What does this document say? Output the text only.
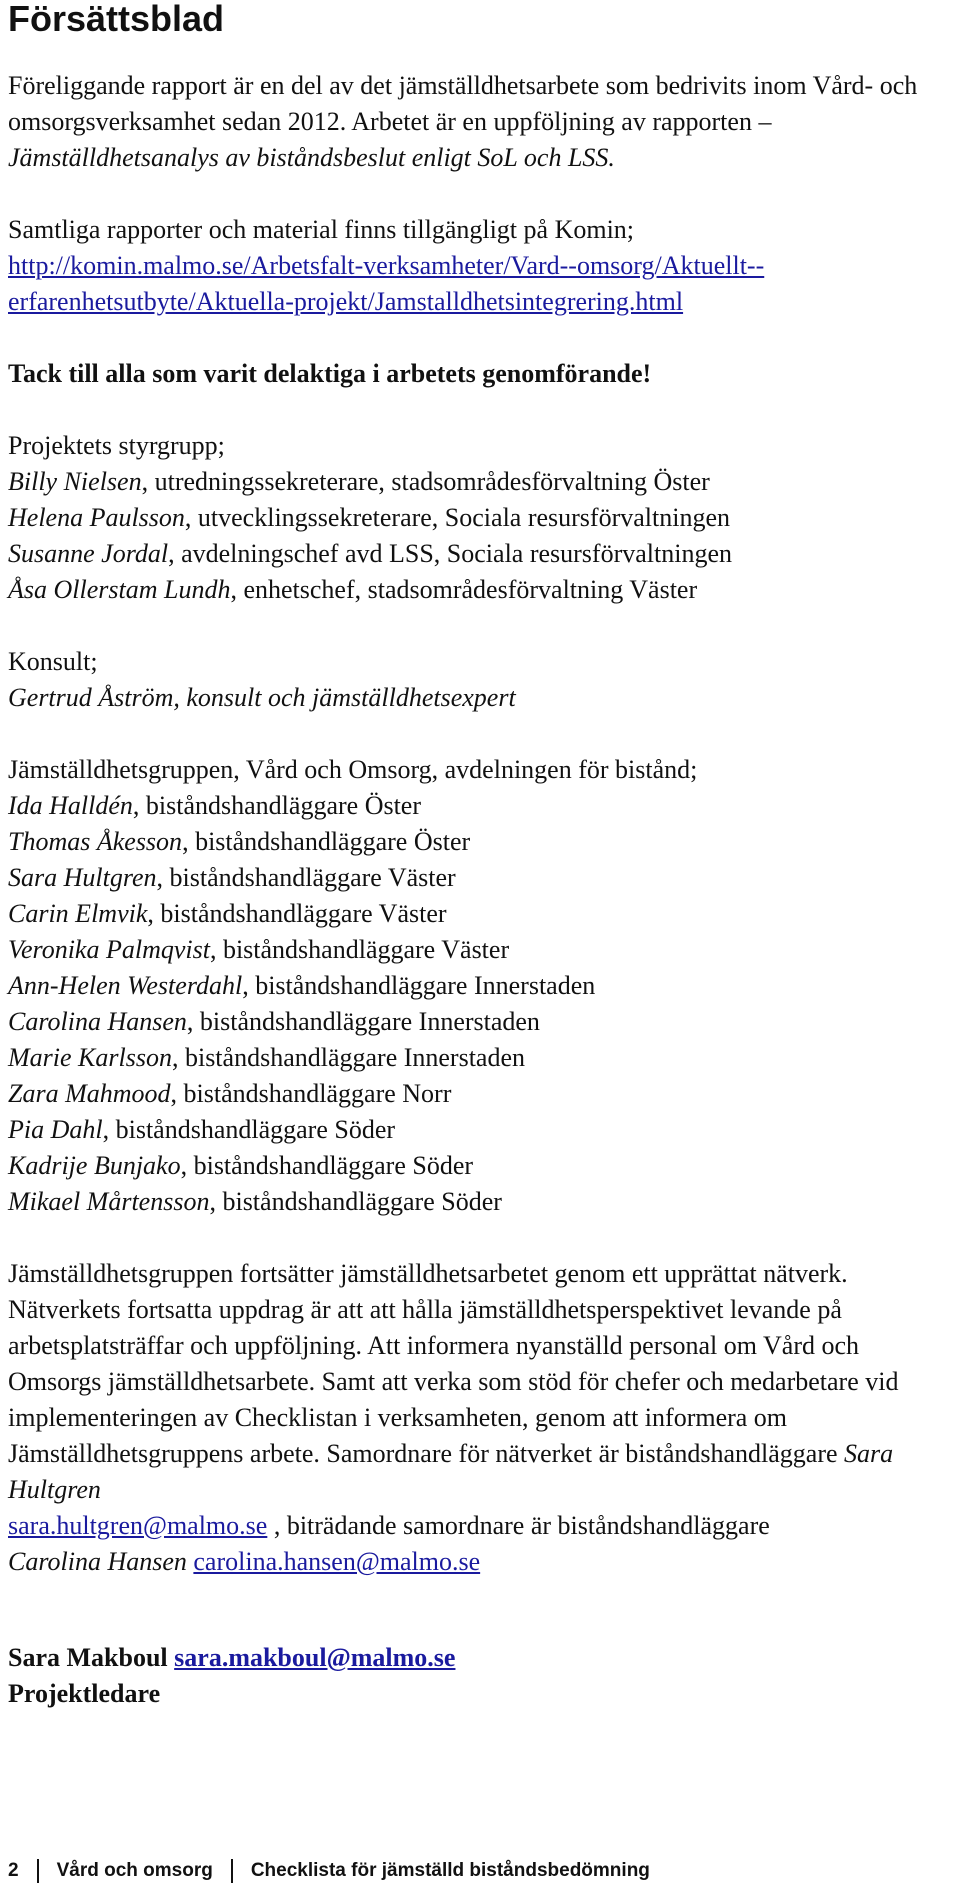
Försättsblad

Föreliggande rapport är en del av det jämställdhetsarbete som bedrivits inom Vård- och omsorgsverksamhet sedan 2012. Arbetet är en uppföljning av rapporten – Jämställdhetsanalys av biståndsbeslut enligt SoL och LSS.

Samtliga rapporter och material finns tillgängligt på Komin;
http://komin.malmo.se/Arbetsfalt-verksamheter/Vard--omsorg/Aktuellt--erfarenhetsutbyte/Aktuella-projekt/Jamstalldhetsintegrering.html

Tack till alla som varit delaktiga i arbetets genomförande!

Projektets styrgrupp;

Billy Nielsen, utredningssekreterare, stadsområdesförvaltning Öster

Helena Paulsson, utvecklingssekreterare, Sociala resursförvaltningen

Susanne Jordal, avdelningschef avd LSS, Sociala resursförvaltningen

Åsa Ollerstam Lundh, enhetschef, stadsområdesförvaltning Väster

Konsult;

Gertrud Åström, konsult och jämställdhetsexpert

Jämställdhetsgruppen, Vård och Omsorg, avdelningen för bistånd;

Ida Halldén, biståndshandläggare Öster

Thomas Åkesson, biståndshandläggare Öster

Sara Hultgren, biståndshandläggare Väster

Carin Elmvik, biståndshandläggare Väster

Veronika Palmqvist, biståndshandläggare Väster

Ann-Helen Westerdahl, biståndshandläggare Innerstaden

Carolina Hansen, biståndshandläggare Innerstaden

Marie Karlsson, biståndshandläggare Innerstaden

Zara Mahmood, biståndshandläggare Norr

Pia Dahl, biståndshandläggare Söder

Kadrije Bunjako, biståndshandläggare Söder

Mikael Mårtensson, biståndshandläggare Söder

Jämställdhetsgruppen fortsätter jämställdhetsarbetet genom ett upprättat nätverk. Nätverkets fortsatta uppdrag är att att hålla jämställdhetsperspektivet levande på arbetsplatsträffar och uppföljning. Att informera nyanställd personal om Vård och Omsorgs jämställdhetsarbete. Samt att verka som stöd för chefer och medarbetare vid implementeringen av Checklistan i verksamheten, genom att informera om Jämställdhetsgruppens arbete. Samordnare för nätverket är biståndshandläggare Sara Hultgren
sara.hultgren@malmo.se , biträdande samordnare är biståndshandläggare
Carolina Hansen carolina.hansen@malmo.se

Sara Makboul sara.makboul@malmo.se

Projektledare

2 Vård och omsorg Checklista för jämställd biståndsbedömning
